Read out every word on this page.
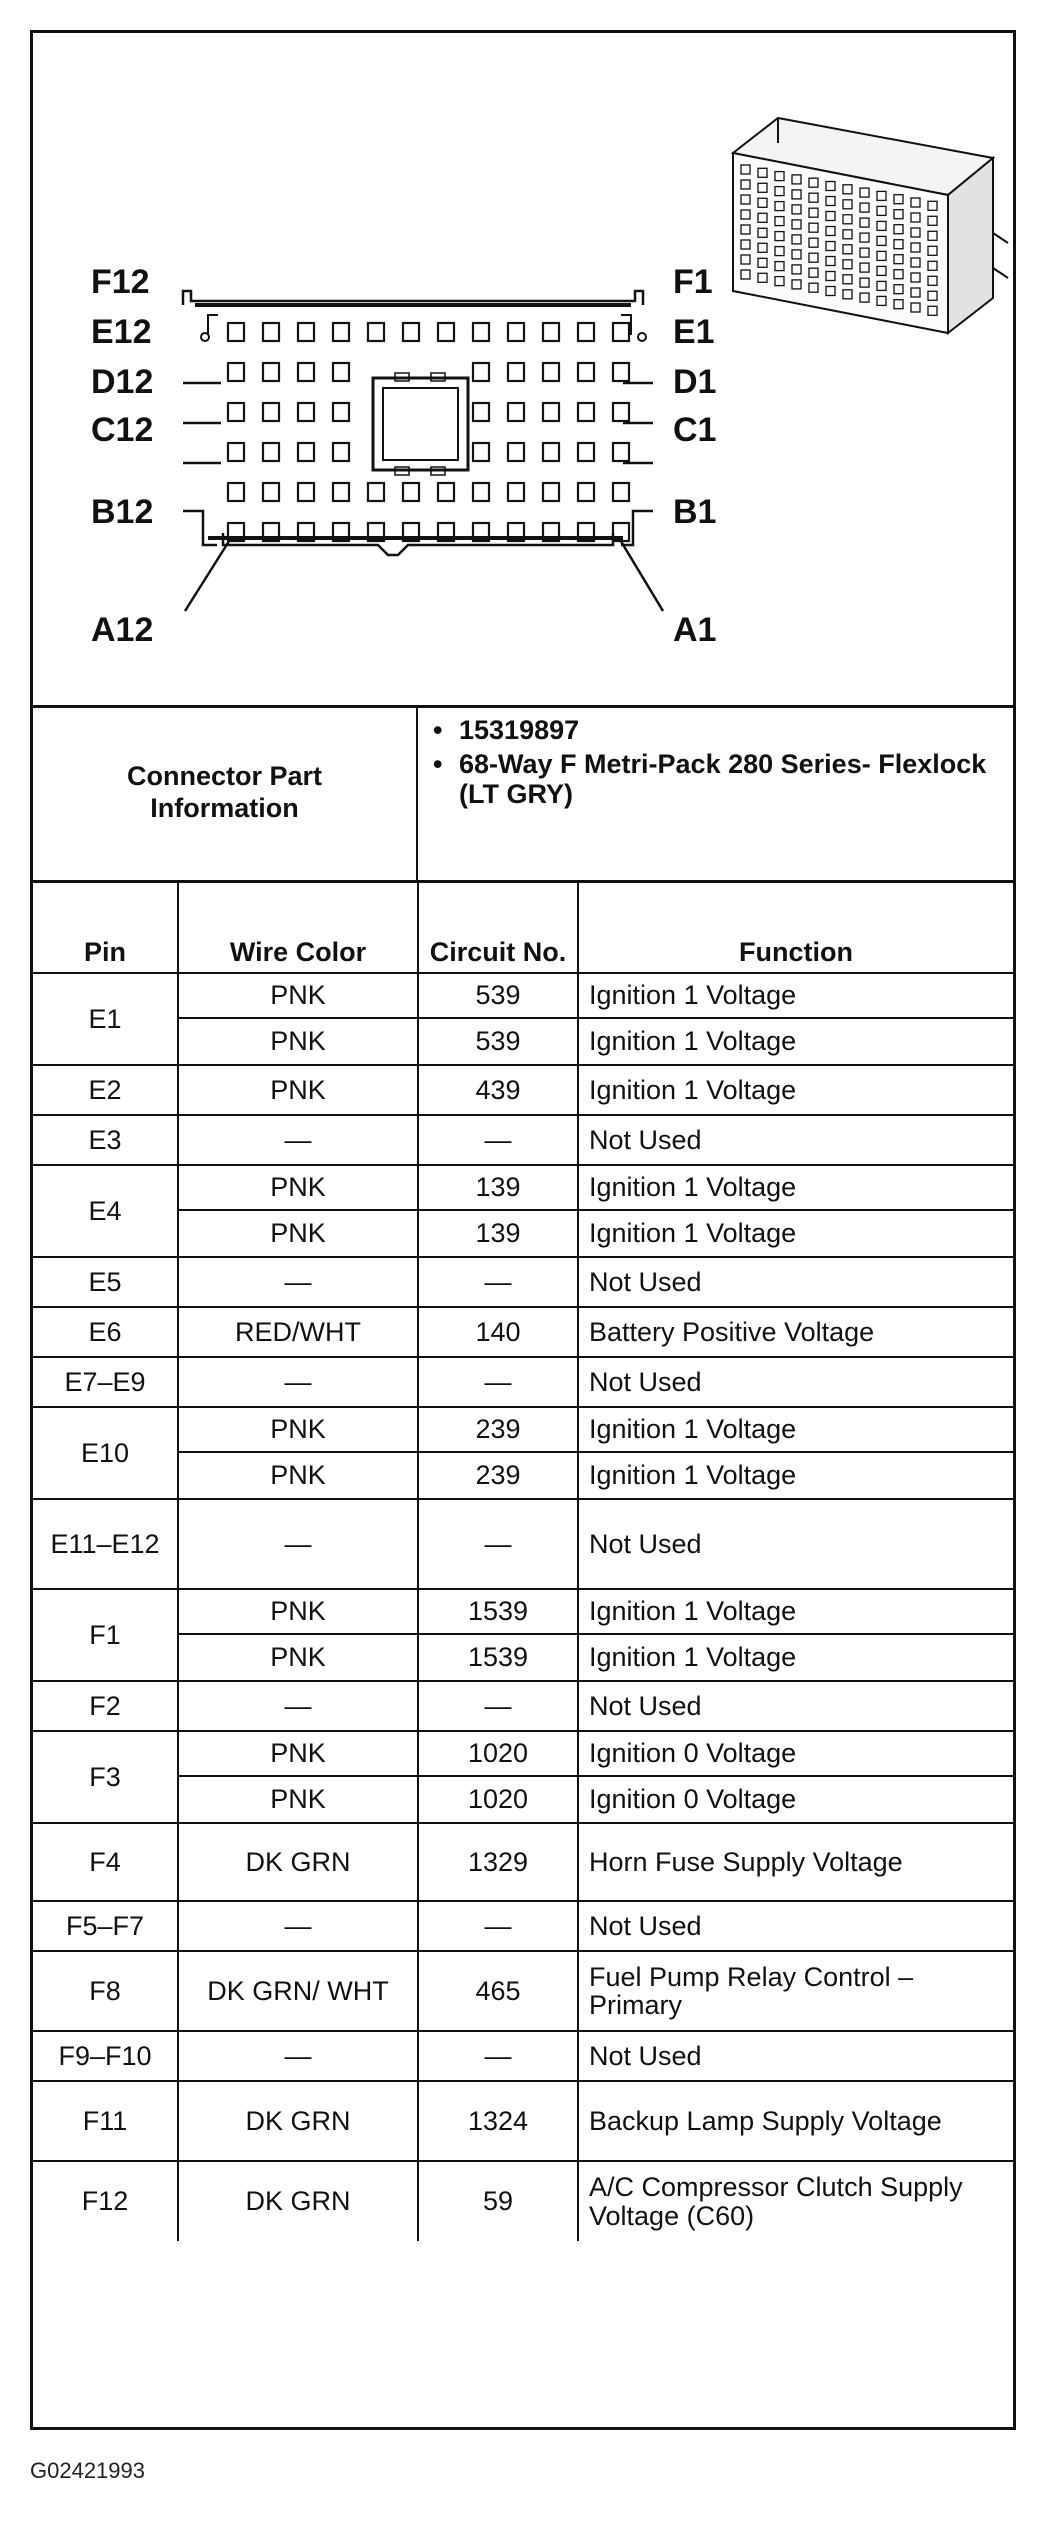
F12
E12
D12
C12
B12
A12
F1
E1
D1
C1
B1
A1
Connector Part Information
• 15319897
• 68-Way F Metri-Pack 280 Series- Flexlock (LT GRY)
Pin	Wire Color	Circuit No.	Function
E1	PNK	539	Ignition 1 Voltage
	PNK	539	Ignition 1 Voltage
E2	PNK	439	Ignition 1 Voltage
E3	—	—	Not Used
E4	PNK	139	Ignition 1 Voltage
	PNK	139	Ignition 1 Voltage
E5	—	—	Not Used
E6	RED/WHT	140	Battery Positive Voltage
E7–E9	—	—	Not Used
E10	PNK	239	Ignition 1 Voltage
	PNK	239	Ignition 1 Voltage
E11–E12	—	—	Not Used
F1	PNK	1539	Ignition 1 Voltage
	PNK	1539	Ignition 1 Voltage
F2	—	—	Not Used
F3	PNK	1020	Ignition 0 Voltage
	PNK	1020	Ignition 0 Voltage
F4	DK GRN	1329	Horn Fuse Supply Voltage
F5–F7	—	—	Not Used
F8	DK GRN/ WHT	465	Fuel Pump Relay Control – Primary
F9–F10	—	—	Not Used
F11	DK GRN	1324	Backup Lamp Supply Voltage
F12	DK GRN	59	A/C Compressor Clutch Supply Voltage (C60)
G02421993
